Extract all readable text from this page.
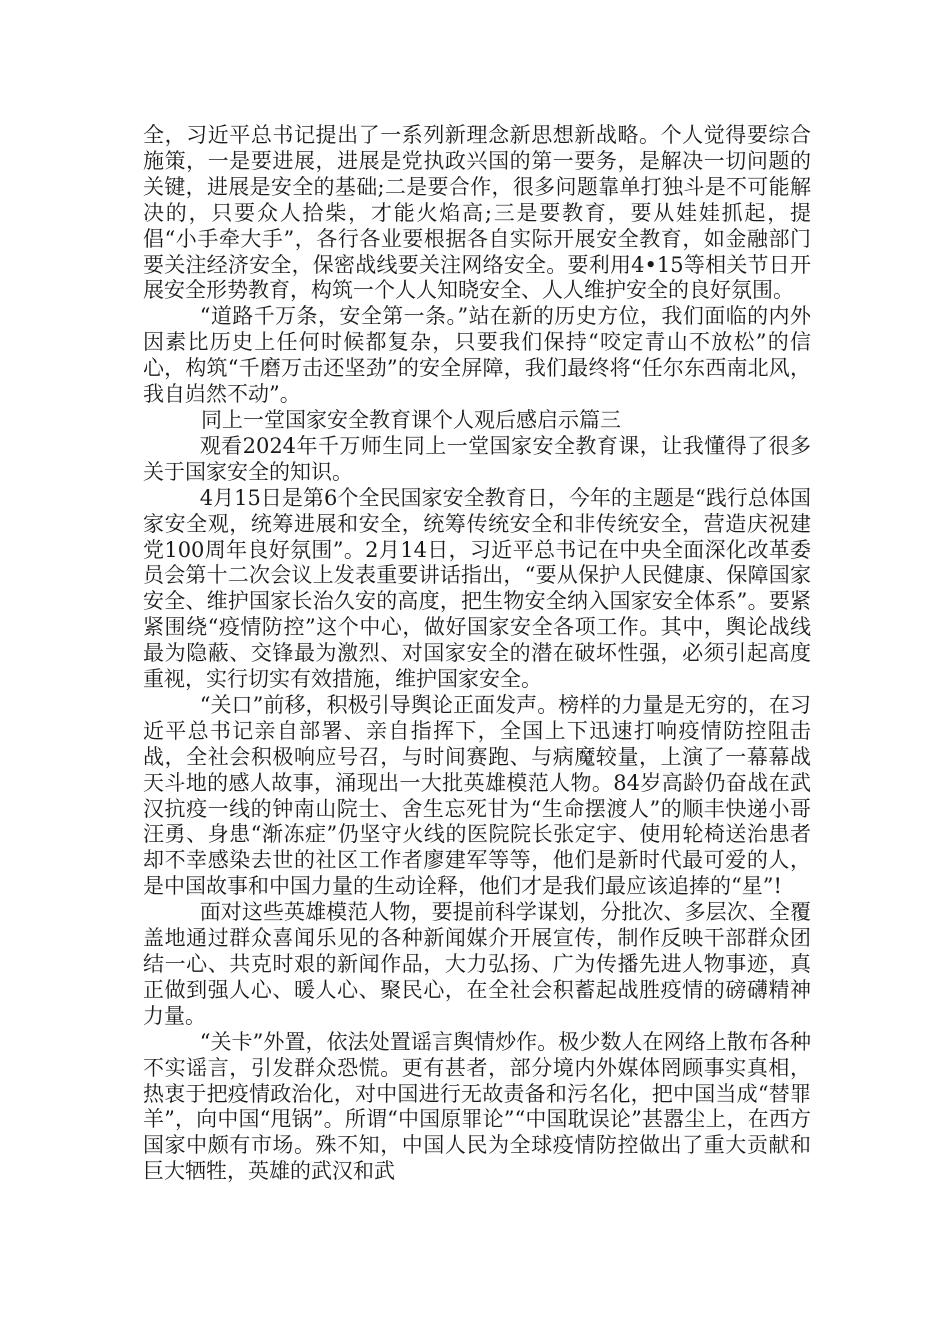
全，习近平总书记提出了一系列新理念新思想新战略。个人觉得要综合施策，一是要进展，进展是党执政兴国的第一要务，是解决一切问题的关键，进展是安全的基础;二是要合作，很多问题靠单打独斗是不可能解决的，只要众人拾柴，才能火焰高;三是要教育，要从娃娃抓起，提倡“小手牵大手”，各行各业要根据各自实际开展安全教育，如金融部门要关注经济安全，保密战线要关注网络安全。要利用4•15等相关节日开展安全形势教育，构筑一个人人知晓安全、人人维护安全的良好氛围。

“道路千万条，安全第一条。”站在新的历史方位，我们面临的内外因素比历史上任何时候都复杂，只要我们保持“咬定青山不放松”的信心，构筑“千磨万击还坚劲”的安全屏障，我们最终将“任尔东西南北风，我自岿然不动”。

同上一堂国家安全教育课个人观后感启示篇三

观看2024年千万师生同上一堂国家安全教育课，让我懂得了很多关于国家安全的知识。

4月15日是第6个全民国家安全教育日，今年的主题是“践行总体国家安全观，统筹进展和安全，统筹传统安全和非传统安全，营造庆祝建党100周年良好氛围”。2月14日，习近平总书记在中央全面深化改革委员会第十二次会议上发表重要讲话指出，“要从保护人民健康、保障国家安全、维护国家长治久安的高度，把生物安全纳入国家安全体系”。要紧紧围绕“疫情防控”这个中心，做好国家安全各项工作。其中，舆论战线最为隐蔽、交锋最为激烈、对国家安全的潜在破坏性强，必须引起高度重视，实行切实有效措施，维护国家安全。

“关口”前移，积极引导舆论正面发声。榜样的力量是无穷的，在习近平总书记亲自部署、亲自指挥下，全国上下迅速打响疫情防控阻击战，全社会积极响应号召，与时间赛跑、与病魔较量，上演了一幕幕战天斗地的感人故事，涌现出一大批英雄模范人物。84岁高龄仍奋战在武汉抗疫一线的钟南山院士、舍生忘死甘为“生命摆渡人”的顺丰快递小哥汪勇、身患“渐冻症”仍坚守火线的医院院长张定宇、使用轮椅送治患者却不幸感染去世的社区工作者廖建军等等，他们是新时代最可爱的人，是中国故事和中国力量的生动诠释，他们才是我们最应该追捧的“星”!

面对这些英雄模范人物，要提前科学谋划，分批次、多层次、全覆盖地通过群众喜闻乐见的各种新闻媒介开展宣传，制作反映干部群众团结一心、共克时艰的新闻作品，大力弘扬、广为传播先进人物事迹，真正做到强人心、暖人心、聚民心，在全社会积蓄起战胜疫情的磅礴精神力量。

“关卡”外置，依法处置谣言舆情炒作。极少数人在网络上散布各种不实谣言，引发群众恐慌。更有甚者，部分境内外媒体罔顾事实真相，热衷于把疫情政治化，对中国进行无故责备和污名化，把中国当成“替罪羊”，向中国“甩锅”。所谓“中国原罪论”“中国耽误论”甚嚣尘上，在西方国家中颇有市场。殊不知，中国人民为全球疫情防控做出了重大贡献和巨大牺牲，英雄的武汉和武
